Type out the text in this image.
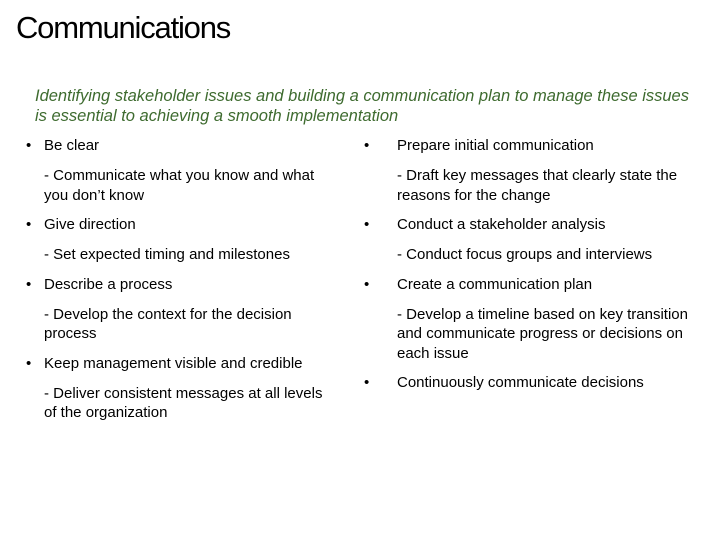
Communications
Identifying stakeholder issues and building a communication plan to manage these issues is essential to achieving a smooth implementation
• Be clear
- Communicate what you know and what you don’t know
• Give direction
- Set expected timing and milestones
• Describe a process
- Develop the context for the decision process
• Keep management visible and credible
- Deliver consistent messages at all levels of the organization
•	Prepare initial communication
- Draft key messages that clearly state the reasons for the change
•	Conduct a stakeholder analysis
- Conduct focus groups and interviews
•	Create a communication plan
- Develop a timeline based on key transition and communicate progress or decisions on each issue
•	Continuously communicate decisions
